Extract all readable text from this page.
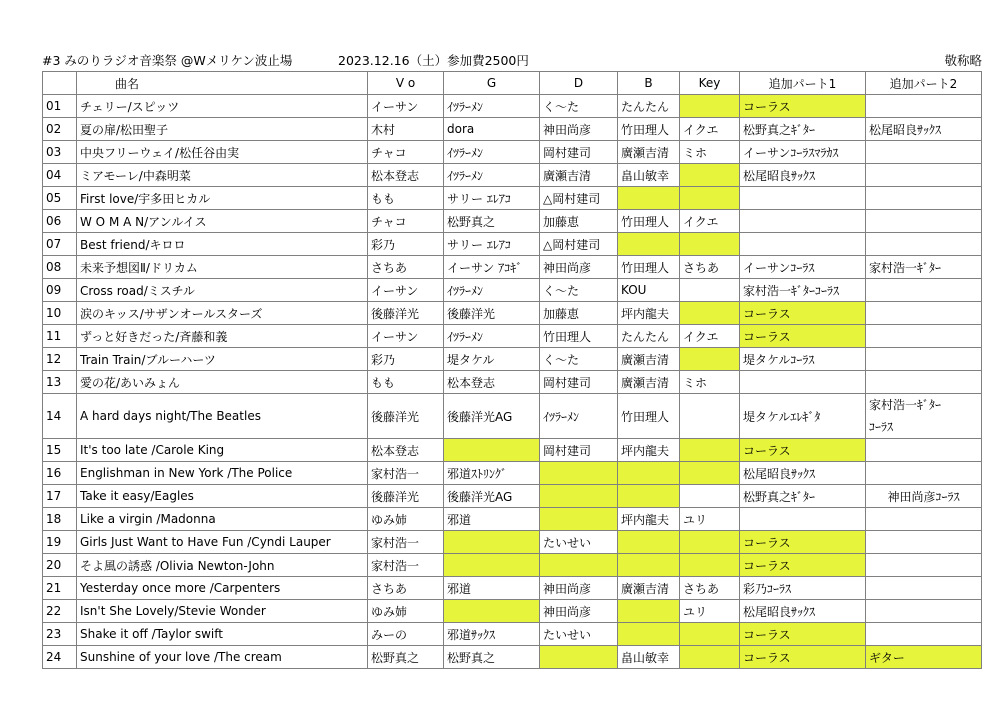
#3 みのりラジオ音楽祭 @Wメリケン波止場	2023.12.16（土）参加費2500円	敬称略
	曲名	V o	G	D	B	Key	追加パート1	追加パート2
01	チェリー/スピッツ	イーサン	ｲﾂﾗｰﾒﾝ	く〜た	たんたん		コーラス	
02	夏の扉/松田聖子	木村	dora	神田尚彦	竹田理人	イクエ	松野真之ｷﾞﾀｰ	松尾昭良ｻｯｸｽ
03	中央フリーウェイ/松任谷由実	チャコ	ｲﾂﾗｰﾒﾝ	岡村建司	廣瀬吉清	ミホ	イーサンｺｰﾗｽﾏﾗｶｽ	
04	ミアモーレ/中森明菜	松本登志	ｲﾂﾗｰﾒﾝ	廣瀬吉清	畠山敏幸		松尾昭良ｻｯｸｽ	
05	First love/宇多田ヒカル	もも	サリー ｴﾚｱｺ	△岡村建司				
06	W O M A N/アンルイス	チャコ	松野真之	加藤恵	竹田理人	イクエ		
07	Best friend/キロロ	彩乃	サリー ｴﾚｱｺ	△岡村建司				
08	未来予想図Ⅱ/ドリカム	さちあ	イーサン ｱｺｷﾞ	神田尚彦	竹田理人	さちあ	イーサンｺｰﾗｽ	家村浩一ｷﾞﾀｰ
09	Cross road/ミスチル	イーサン	ｲﾂﾗｰﾒﾝ	く〜た	KOU		家村浩一ｷﾞﾀｰｺｰﾗｽ	
10	涙のキッス/サザンオールスターズ	後藤洋光	後藤洋光	加藤恵	坪内龍夫		コーラス	
11	ずっと好きだった/斉藤和義	イーサン	ｲﾂﾗｰﾒﾝ	竹田理人	たんたん	イクエ	コーラス	
12	Train Train/ブルーハーツ	彩乃	堤タケル	く〜た	廣瀬吉清		堤タケルｺｰﾗｽ	
13	愛の花/あいみょん	もも	松本登志	岡村建司	廣瀬吉清	ミホ		
14	A hard days night/The Beatles	後藤洋光	後藤洋光AG	ｲﾂﾗｰﾒﾝ	竹田理人		堤タケルｴﾚｷﾞﾀ	家村浩一ｷﾞﾀｰ
ｺｰﾗｽ

15	It's too late /Carole King	松本登志		岡村建司	坪内龍夫		コーラス	
16	Englishman in New York /The Police	家村浩一	邪道ｽﾄﾘﾝｸﾞ				松尾昭良ｻｯｸｽ	
17	Take it easy/Eagles	後藤洋光	後藤洋光AG				松野真之ｷﾞﾀｰ	神田尚彦ｺｰﾗｽ
18	Like a virgin /Madonna	ゆみ姉	邪道		坪内龍夫	ユリ		
19	Girls Just Want to Have Fun /Cyndi Lauper	家村浩一		たいせい			コーラス	
20	そよ風の誘惑 /Olivia Newton-John	家村浩一					コーラス	
21	Yesterday once more /Carpenters	さちあ	邪道	神田尚彦	廣瀬吉清	さちあ	彩乃ｺｰﾗｽ	
22	Isn't She Lovely/Stevie Wonder	ゆみ姉		神田尚彦		ユリ	松尾昭良ｻｯｸｽ	
23	Shake it off /Taylor swift	みーの	邪道ｻｯｸｽ	たいせい			コーラス	
24	Sunshine of your love /The cream	松野真之	松野真之		畠山敏幸		コーラス	ギター
